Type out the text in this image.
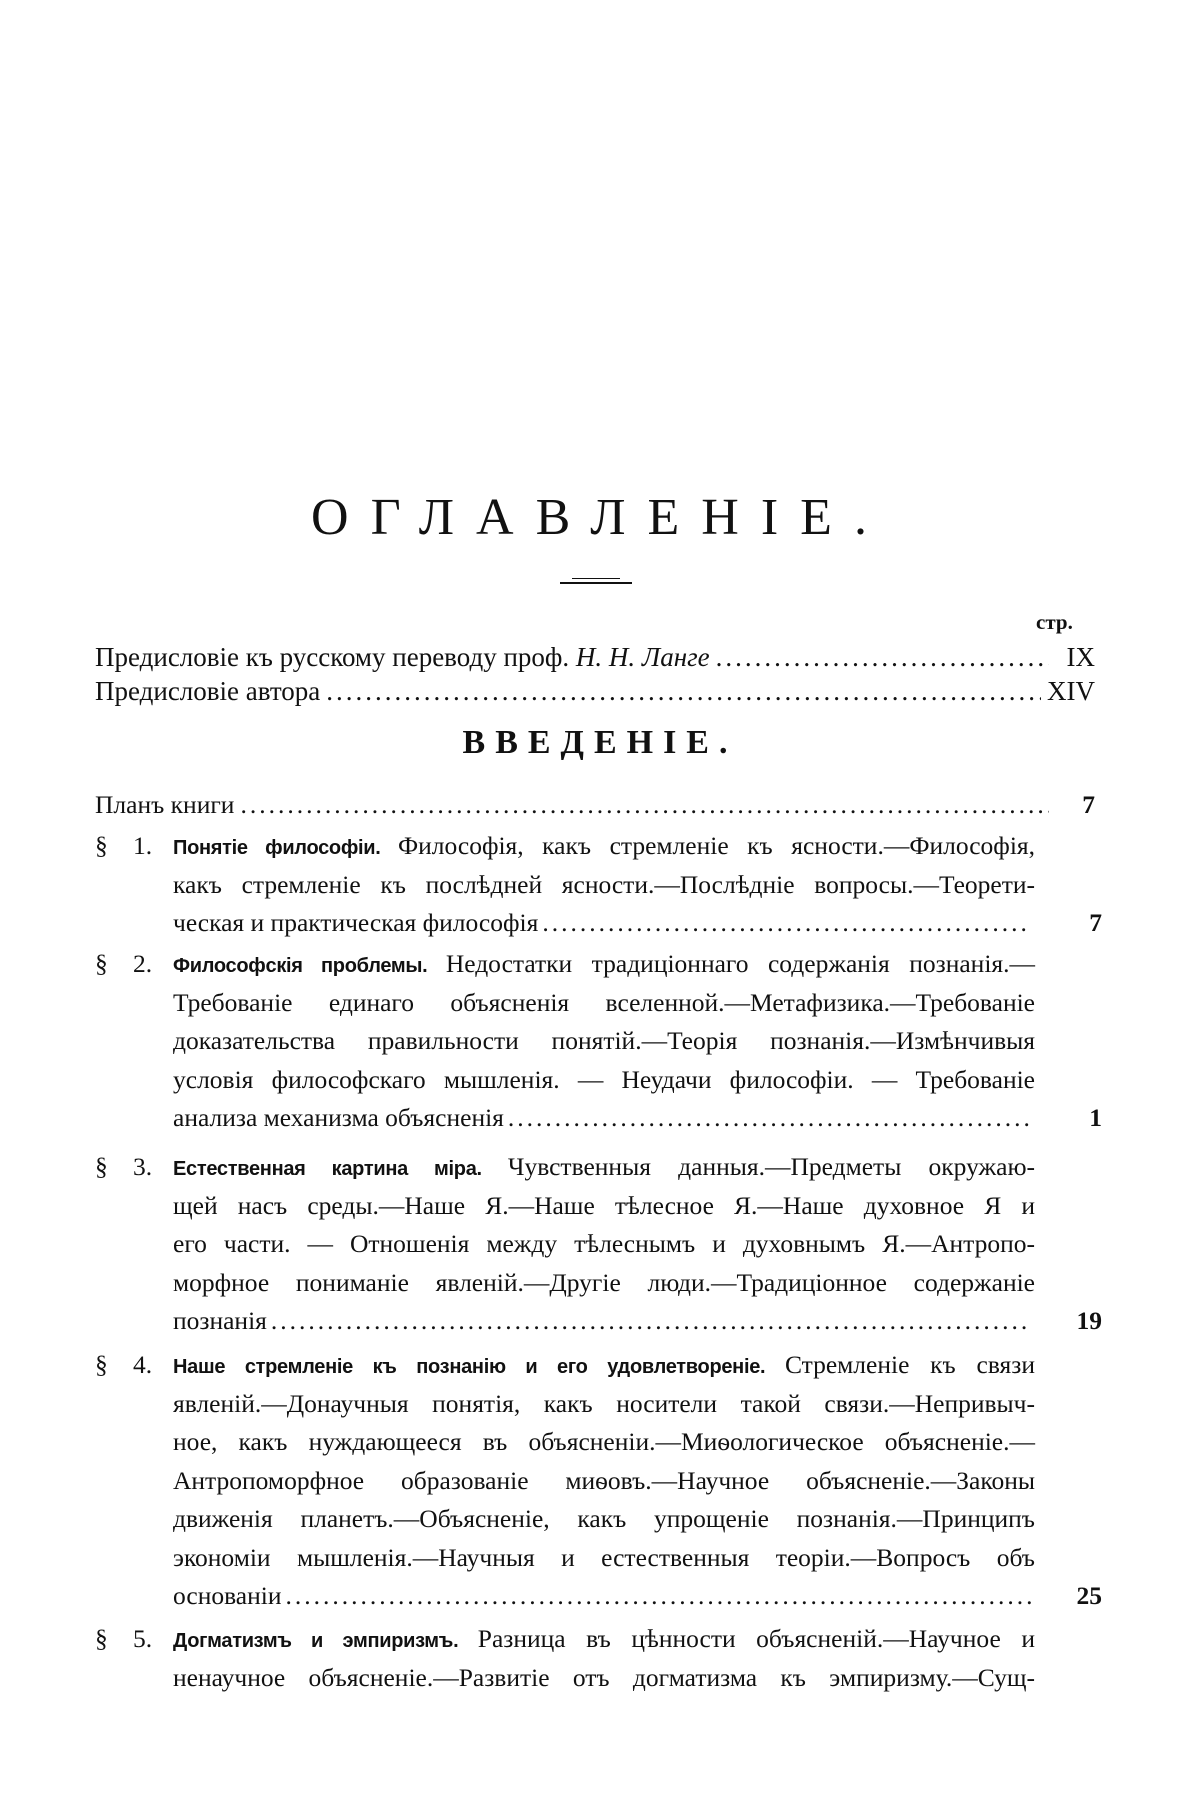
ОГЛАВЛЕНІЕ.
стр.
Предисловіе къ русскому переводу проф. Н. Н. Ланге .....	IX
Предисловіе автора .....	XIV
ВВЕДЕНІЕ.
Планъ книги .....	7
§ 1.	Понятіе философіи. Философія, какъ стремленіе къ ясности.—Философія,
какъ стремленіе къ послѣдней ясности.—Послѣдніе вопросы.—Теорети-
ческая и практическая философія .....	7
§ 2.	Философскія проблемы. Недостатки традиціоннаго содержанія познанія.—
Требованіе единаго объясненія вселенной.—Метафизика.—Требованіе
доказательства правильности понятій.—Теорія познанія.—Измѣнчивыя
условія философскаго мышленія. — Неудачи философіи. — Требованіе
анализа механизма объясненія .....	1
§ 3.	Естественная картина міра. Чувственныя данныя.—Предметы окружаю-
щей насъ среды.—Наше Я.—Наше тѣлесное Я.—Наше духовное Я и
его части. — Отношенія между тѣлеснымъ и духовнымъ Я.—Антропо-
морфное пониманіе явленій.—Другіе люди.—Традиціонное содержаніе
познанія .....	19
§ 4.	Наше стремленіе къ познанію и его удовлетвореніе. Стремленіе къ связи
явленій.—Донаучныя понятія, какъ носители такой связи.—Непривыч-
ное, какъ нуждающееся въ объясненіи.—Миѳологическое объясненіе.—
Антропоморфное образованіе миѳовъ.—Научное объясненіе.—Законы
движенія планетъ.—Объясненіе, какъ упрощеніе познанія.—Принципъ
экономіи мышленія.—Научныя и естественныя теоріи.—Вопросъ объ
основаніи .....	25
§ 5.	Догматизмъ и эмпиризмъ. Разница въ цѣнности объясненій.—Научное и
ненаучное объясненіе.—Развитіе отъ догматизма къ эмпиризму.—Сущ-
